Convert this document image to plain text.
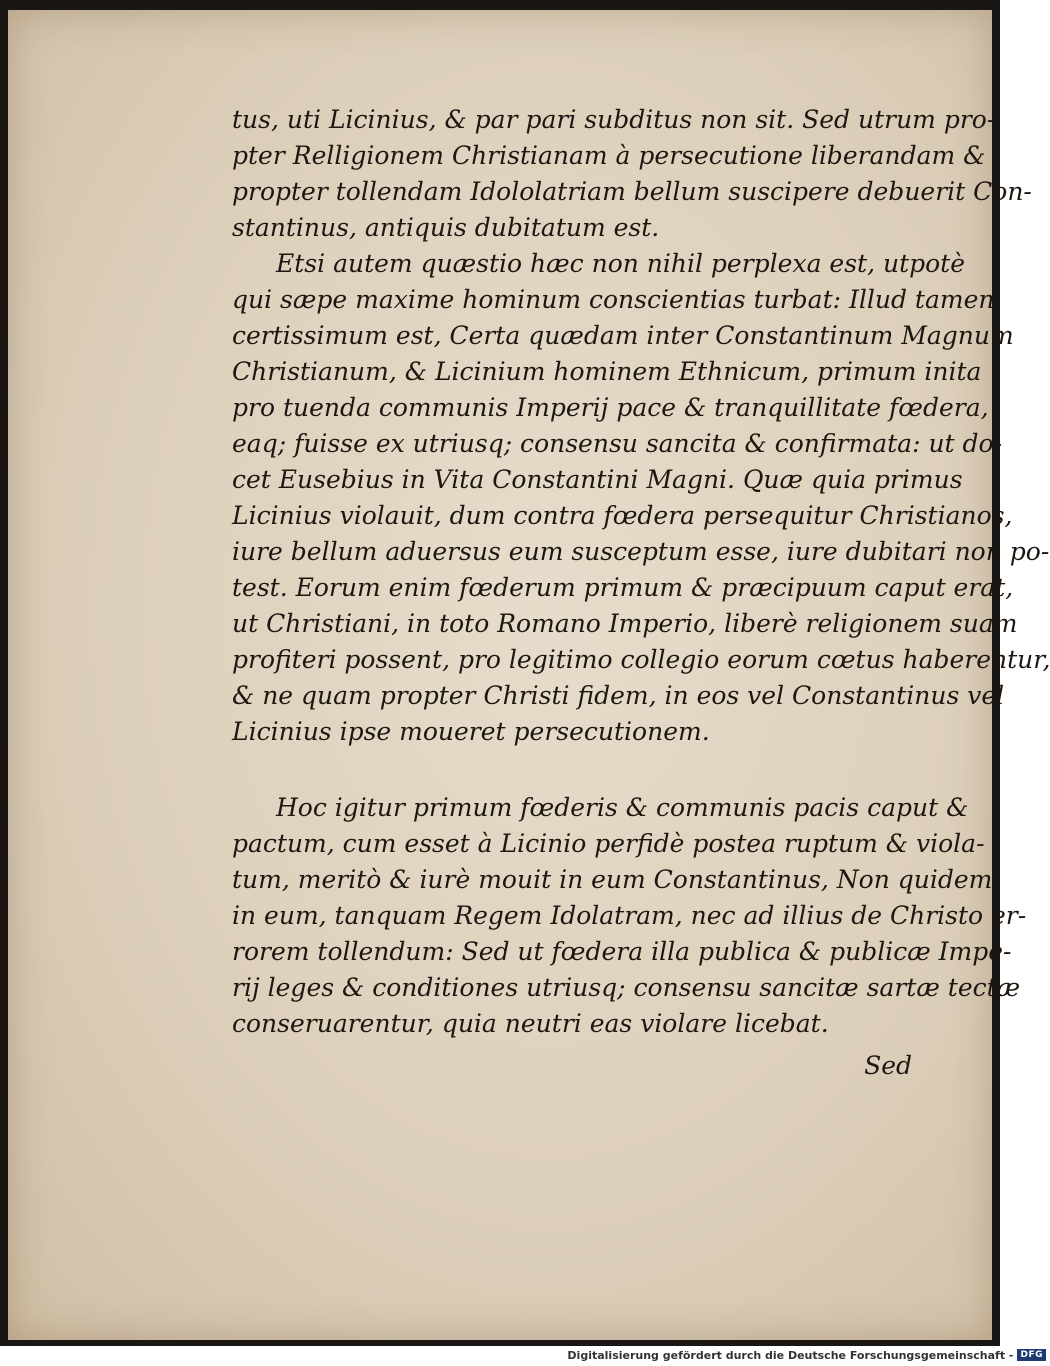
tus, uti Licinius, & par pari subditus non sit. Sed utrum pro-
pter Relligionem Christianam à persecutione liberandam &
propter tollendam Idololatriam bellum suscipere debuerit Con-
stantinus, antiquis dubitatum est.
Etsi autem quæstio hæc non nihil perplexa est, utpotè
qui sæpe maxime hominum conscientias turbat: Illud tamen
certissimum est, Certa quædam inter Constantinum Magnum
Christianum, & Licinium hominem Ethnicum, primum inita
pro tuenda communis Imperij pace & tranquillitate fœdera,
eaq; fuisse ex utriusq; consensu sancita & confirmata: ut do-
cet Eusebius in Vita Constantini Magni. Quæ quia primus
Licinius violauit, dum contra fœdera persequitur Christianos,
iure bellum aduersus eum susceptum esse, iure dubitari non po-
test. Eorum enim fœderum primum & præcipuum caput erat,
ut Christiani, in toto Romano Imperio, liberè religionem suam
profiteri possent, pro legitimo collegio eorum cœtus haberentur,
& ne quam propter Christi fidem, in eos vel Constantinus vel
Licinius ipse moueret persecutionem.
Hoc igitur primum fœderis & communis pacis caput &
pactum, cum esset à Licinio perfidè postea ruptum & viola-
tum, meritò & iurè mouit in eum Constantinus, Non quidem
in eum, tanquam Regem Idolatram, nec ad illius de Christo er-
rorem tollendum: Sed ut fœdera illa publica & publicæ Impe-
rij leges & conditiones utriusq; consensu sancitæ sartæ tectæ
conseruarentur, quia neutri eas violare licebat.
Sed
Digitalisierung gefördert durch die Deutsche Forschungsgemeinschaft - DFG
